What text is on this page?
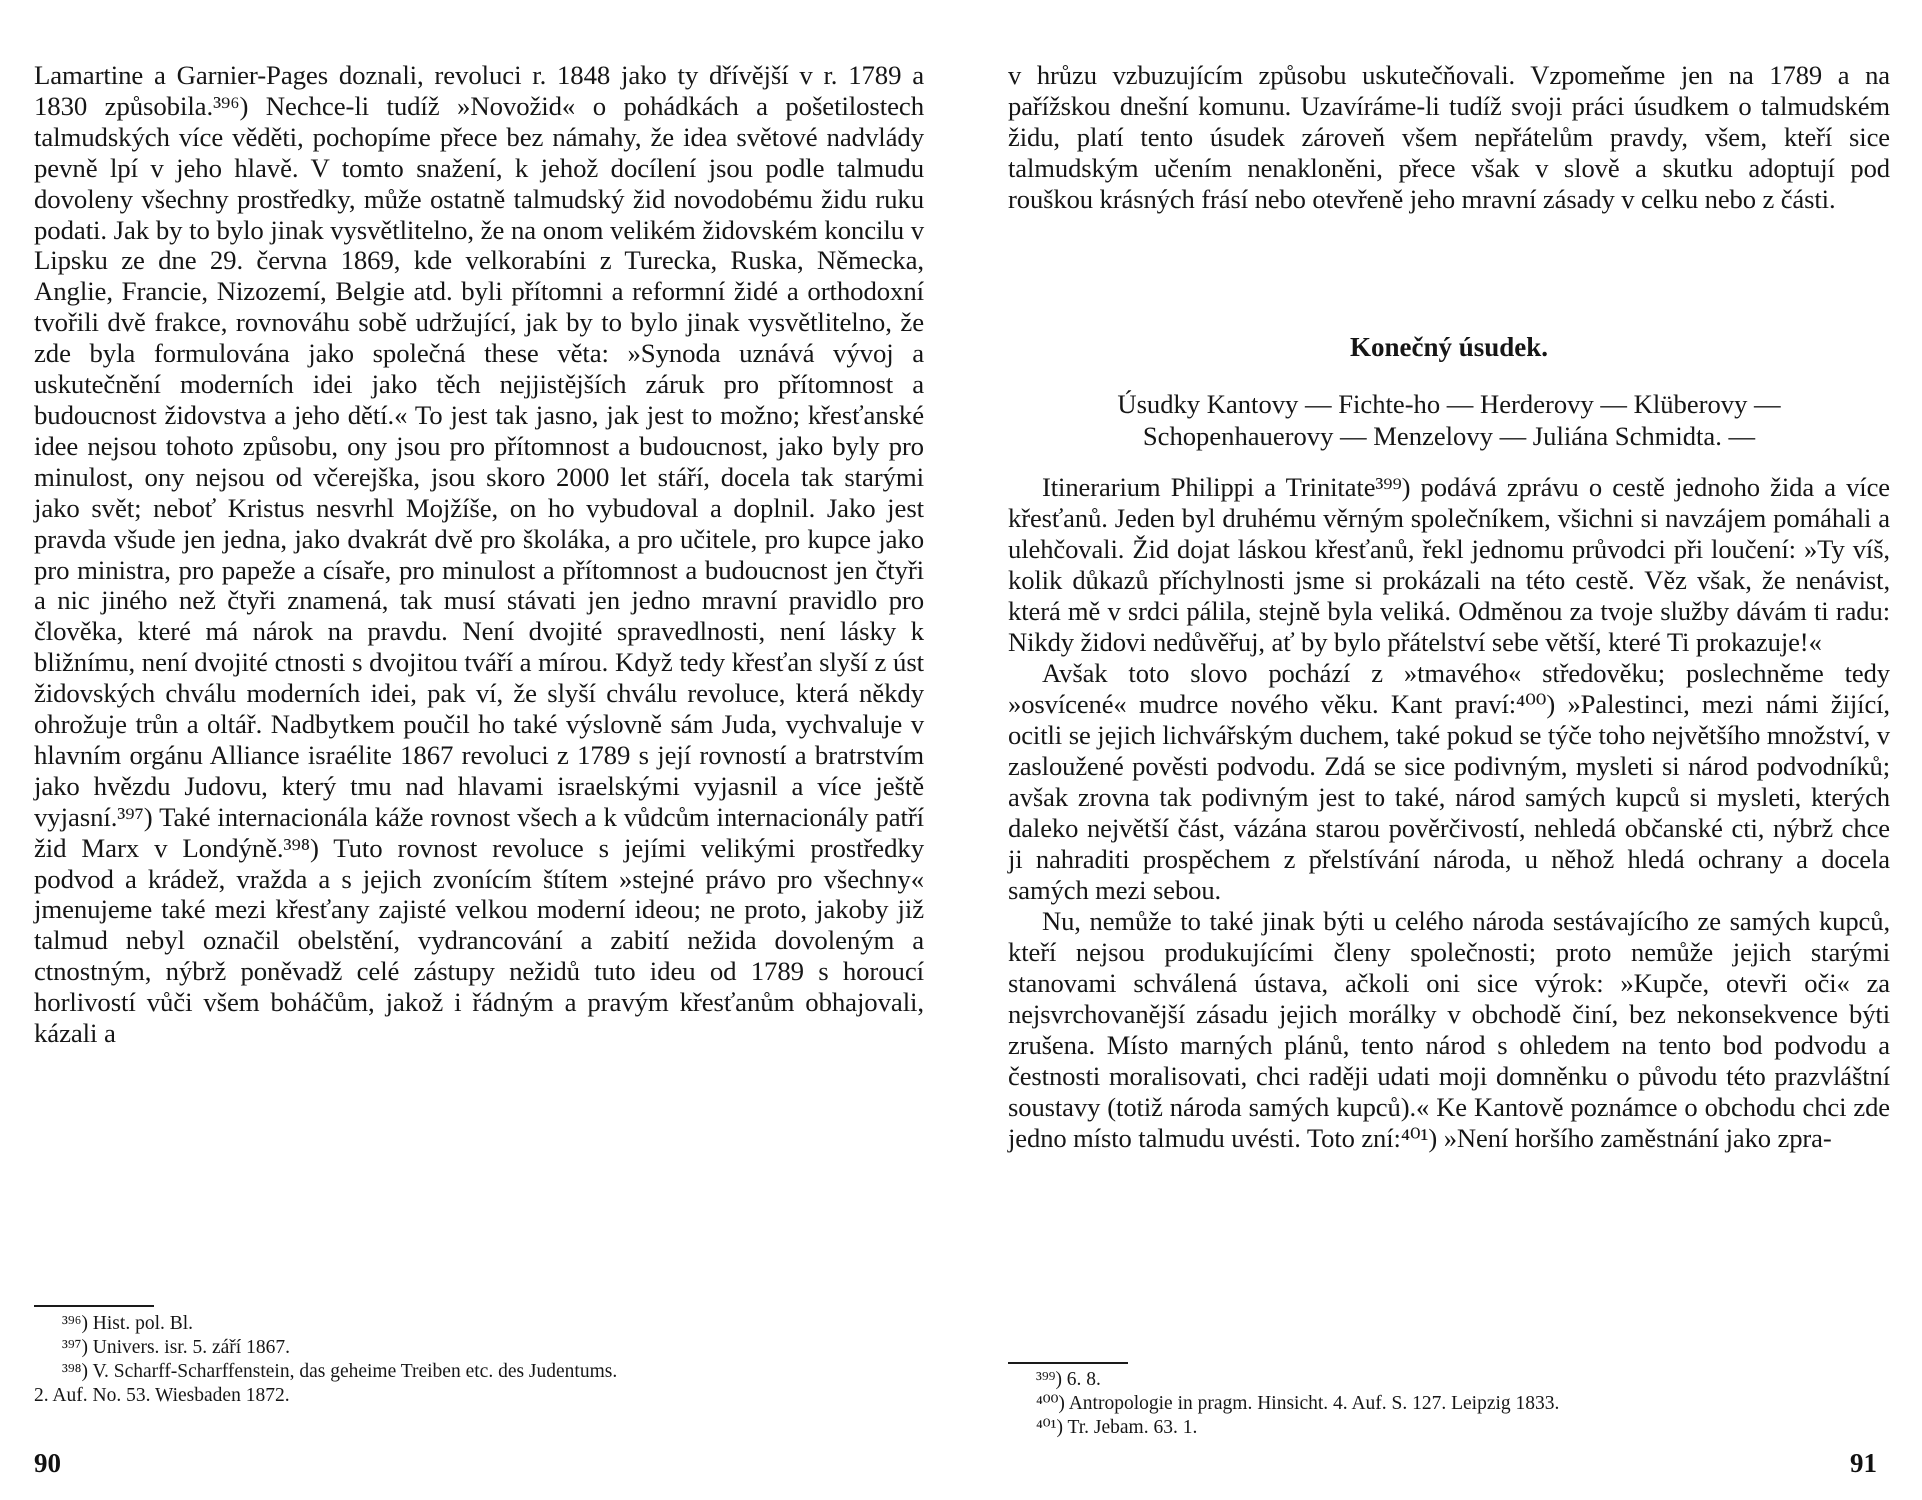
Lamartine a Garnier-Pages doznali, revoluci r. 1848 jako ty dřívější v r. 1789 a 1830 způsobila.³⁹⁶) Nechce-li tudíž »Novožid« o pohádkách a pošetilostech talmudských více věděti, pochopíme přece bez námahy, že idea světové nadvlády pevně lpí v jeho hlavě. V tomto snažení, k jehož docílení jsou podle talmudu dovoleny všechny prostředky, může ostatně talmudský žid novodobému židu ruku podati. Jak by to bylo jinak vysvětlitelno, že na onom velikém židovském koncilu v Lipsku ze dne 29. června 1869, kde velkorabíni z Turecka, Ruska, Německa, Anglie, Francie, Nizozemí, Belgie atd. byli přítomni a reformní židé a orthodoxní tvořili dvě frakce, rovnováhu sobě udržující, jak by to bylo jinak vysvětlitelno, že zde byla formulována jako společná these věta: »Synoda uznává vývoj a uskutečnění moderních idei jako těch nejjistějších záruk pro přítomnost a budoucnost židovstva a jeho dětí.« To jest tak jasno, jak jest to možno; křesťanské idee nejsou tohoto způsobu, ony jsou pro přítomnost a budoucnost, jako byly pro minulost, ony nejsou od včerejška, jsou skoro 2000 let stáří, docela tak starými jako svět; neboť Kristus nesvrhl Mojžíše, on ho vybudoval a doplnil. Jako jest pravda všude jen jedna, jako dvakrát dvě pro školáka, a pro učitele, pro kupce jako pro ministra, pro papeže a císaře, pro minulost a přítomnost a budoucnost jen čtyři a nic jiného než čtyři znamená, tak musí stávati jen jedno mravní pravidlo pro člověka, které má nárok na pravdu. Není dvojité spravedlnosti, není lásky k bližnímu, není dvojité ctnosti s dvojitou tváří a mírou. Když tedy křesťan slyší z úst židovských chválu moderních idei, pak ví, že slyší chválu revoluce, která někdy ohrožuje trůn a oltář. Nadbytkem poučil ho také výslovně sám Juda, vychvaluje v hlavním orgánu Alliance israélite 1867 revoluci z 1789 s její rovností a bratrstvím jako hvězdu Judovu, který tmu nad hlavami israelskými vyjasnil a více ještě vyjasní.³⁹⁷) Také internacionála káže rovnost všech a k vůdcům internacionály patří žid Marx v Londýně.³⁹⁸) Tuto rovnost revoluce s jejími velikými prostředky podvod a krádež, vražda a s jejich zvonícím štítem »stejné právo pro všechny« jmenujeme také mezi křesťany zajisté velkou moderní ideou; ne proto, jakoby již talmud nebyl označil obelstění, vydrancování a zabití nežida dovoleným a ctnostným, nýbrž poněvadž celé zástupy nežidů tuto ideu od 1789 s horoucí horlivostí vůči všem boháčům, jakož i řádným a pravým křesťanům obhajovali, kázali a

³⁹⁶) Hist. pol. Bl.

³⁹⁷) Univers. isr. 5. září 1867.

³⁹⁸) V. Scharff-Scharffenstein, das geheime Treiben etc. des Judentums.

2. Auf. No. 53. Wiesbaden 1872.

90

v hrůzu vzbuzujícím způsobu uskutečňovali. Vzpomeňme jen na 1789 a na pařížskou dnešní komunu. Uzavíráme-li tudíž svoji práci úsudkem o talmudském židu, platí tento úsudek zároveň všem nepřátelům pravdy, všem, kteří sice talmudským učením nenakloněni, přece však v slově a skutku adoptují pod rouškou krásných frásí nebo otevřeně jeho mravní zásady v celku nebo z části.

Konečný úsudek.

Úsudky Kantovy — Fichte-ho — Herderovy — Klüberovy —

Schopenhauerovy — Menzelovy — Juliána Schmidta. —

Itinerarium Philippi a Trinitate³⁹⁹) podává zprávu o cestě jednoho žida a více křesťanů. Jeden byl druhému věrným společníkem, všichni si navzájem pomáhali a ulehčovali. Žid dojat láskou křesťanů, řekl jednomu průvodci při loučení: »Ty víš, kolik důkazů příchylnosti jsme si prokázali na této cestě. Věz však, že nenávist, která mě v srdci pálila, stejně byla veliká. Odměnou za tvoje služby dávám ti radu: Nikdy židovi nedůvěřuj, ať by bylo přátelství sebe větší, které Ti prokazuje!«

Avšak toto slovo pochází z »tmavého« středověku; poslechněme tedy »osvícené« mudrce nového věku. Kant praví:⁴⁰⁰) »Palestinci, mezi námi žijící, ocitli se jejich lichvářským duchem, také pokud se týče toho největšího množství, v zasloužené pověsti podvodu. Zdá se sice podivným, mysleti si národ podvodníků; avšak zrovna tak podivným jest to také, národ samých kupců si mysleti, kterých daleko největší část, vázána starou pověrčivostí, nehledá občanské cti, nýbrž chce ji nahraditi prospěchem z přelstívání národa, u něhož hledá ochrany a docela samých mezi sebou.

Nu, nemůže to také jinak býti u celého národa sestávajícího ze samých kupců, kteří nejsou produkujícími členy společnosti; proto nemůže jejich starými stanovami schválená ústava, ačkoli oni sice výrok: »Kupče, otevři oči« za nejsvrchovanější zásadu jejich morálky v obchodě činí, bez nekonsekvence býti zrušena. Místo marných plánů, tento národ s ohledem na tento bod podvodu a čestnosti moralisovati, chci raději udati moji domněnku o původu této prazvláštní soustavy (totiž národa samých kupců).« Ke Kantově poznámce o obchodu chci zde jedno místo talmudu uvésti. Toto zní:⁴⁰¹) »Není horšího zaměstnání jako zpra-

³⁹⁹) 6. 8.

⁴⁰⁰) Antropologie in pragm. Hinsicht. 4. Auf. S. 127. Leipzig 1833.

⁴⁰¹) Tr. Jebam. 63. 1.

91
